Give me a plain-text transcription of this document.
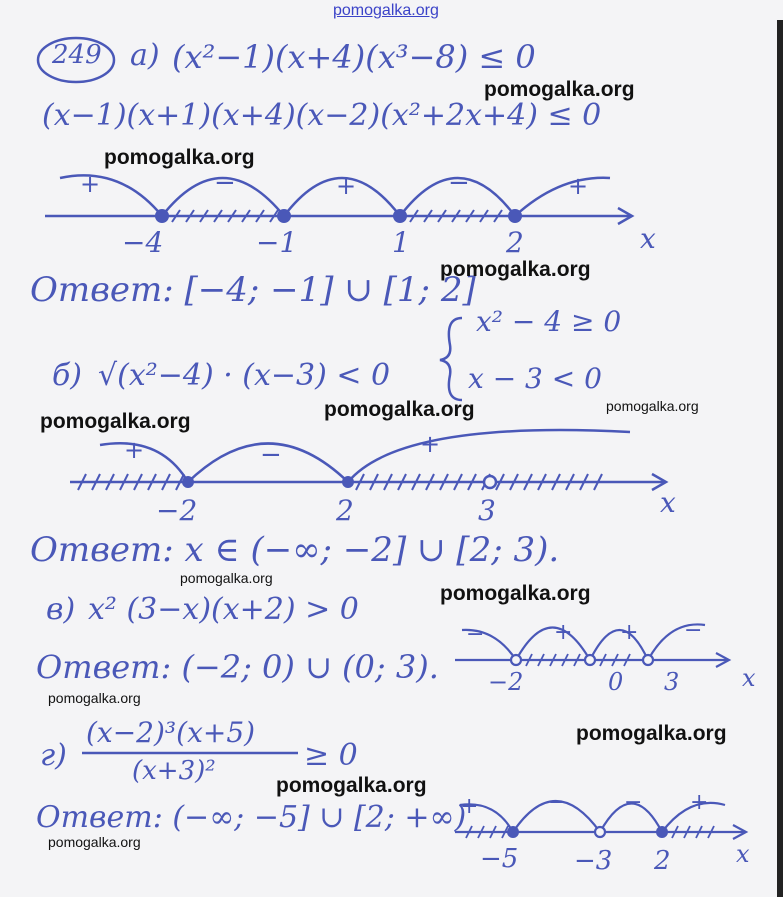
pomogalka.org
249 а) (x²−1)(x+4)(x³−8) ≤ 0
(x−1)(x+1)(x+4)(x−2)(x²+2x+4) ≤ 0
+	−	+	−	+
−4	−1	1	2	x
Ответ: [−4; −1] ∪ [1; 2]
б) √(x²−4) · (x−3) < 0
x² − 4 ≥ 0
x − 3 < 0
+	−	+
−2	2	3	x
Ответ: x ∈ (−∞; −2] ∪ [2; 3).
в) x² (3−x)(x+2) > 0
−	+ + −
−2	0 3	x
Ответ: (−2; 0) ∪ (0; 3).
г)
(x−2)³(x+5)
(x+3)²	≥ 0
+	−	− +
−5 −3 2	x
Ответ: (−∞; −5] ∪ [2; +∞)
pomogalka.org
pomogalka.org
pomogalka.org
pomogalka.org
pomogalka.org	pomogalka.org
pomogalka.org
pomogalka.org
pomogalka.org
pomogalka.org
pomogalka.org
pomogalka.org
